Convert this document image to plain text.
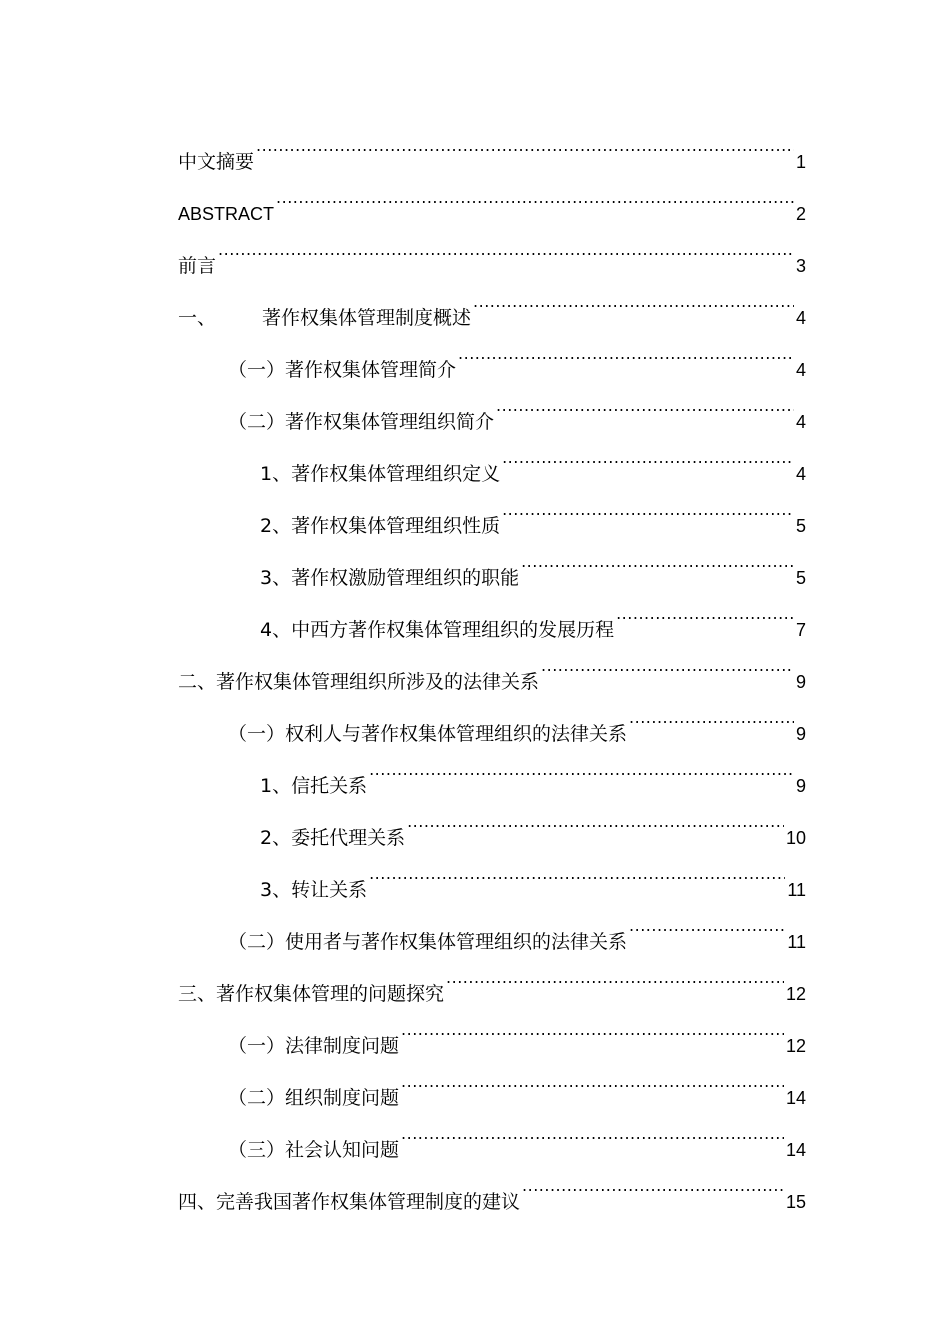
中文摘要 .....	1
ABSTRACT .....	2
前言 .....	3
一、 著作权集体管理制度概述 .....	4
（一）著作权集体管理简介 .....	4
（二）著作权集体管理组织简介 .....	4
1、著作权集体管理组织定义 .....	4
2、著作权集体管理组织性质 .....	5
3、著作权激励管理组织的职能 .....	5
4、中西方著作权集体管理组织的发展历程 .....	7
二、著作权集体管理组织所涉及的法律关系 .....	9
（一）权利人与著作权集体管理组织的法律关系 .....	9
1、信托关系 .....	9
2、委托代理关系 .....	10
3、转让关系 .....	11
（二）使用者与著作权集体管理组织的法律关系 .....	11
三、著作权集体管理的问题探究 .....	12
（一）法律制度问题 .....	12
（二）组织制度问题 .....	14
（三）社会认知问题 .....	14
四、完善我国著作权集体管理制度的建议 .....	15
